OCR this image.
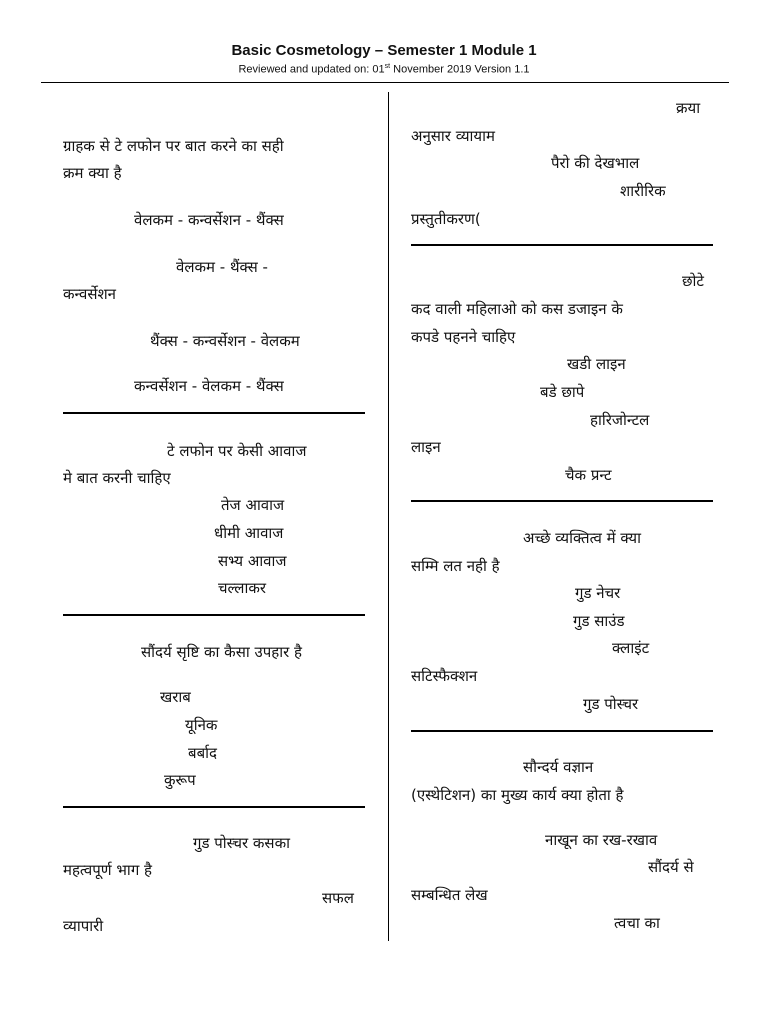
Basic Cosmetology – Semester 1 Module 1
Reviewed and updated on: 01st November 2019 Version 1.1
ग्राहक से टे लफोन पर बात करने का सही
क्रम क्या है
वेलकम - कन्वर्सेशन - थैंक्स
वेलकम - थैंक्स -
कन्वर्सेशन
थैंक्स - कन्वर्सेशन - वेलकम
कन्वर्सेशन - वेलकम - थैंक्स
टे लफोन पर केसी आवाज
मे बात करनी चाहिए
तेज आवाज
धीमी आवाज
सभ्य आवाज
चल्लाकर
सौंदर्य सृष्टि का कैसा उपहार है
खराब
यूनिक
बर्बाद
कुरूप
गुड पोस्चर कसका
महत्वपूर्ण भाग है
सफल
व्यापारी
क्रया
अनुसार व्यायाम
पैरो की देखभाल
शारीरिक
प्रस्तुतीकरण(
छोटे
कद वाली महिलाओ को कस डजाइन के
कपडे पहनने चाहिए
खडी लाइन
बडे छापे
हारिजोन्टल
लाइन
चैक प्रन्ट
अच्छे व्यक्तित्व में क्या
सम्मि लत नही है
गुड नेचर
गुड साउंड
क्लाइंट
सटिस्फैक्शन
गुड पोस्चर
सौन्दर्य वज्ञान
(एस्थेटिशन) का मुख्य कार्य क्या होता है
नाखून का रख-रखाव
सौंदर्य से
सम्बन्धित लेख
त्वचा का
